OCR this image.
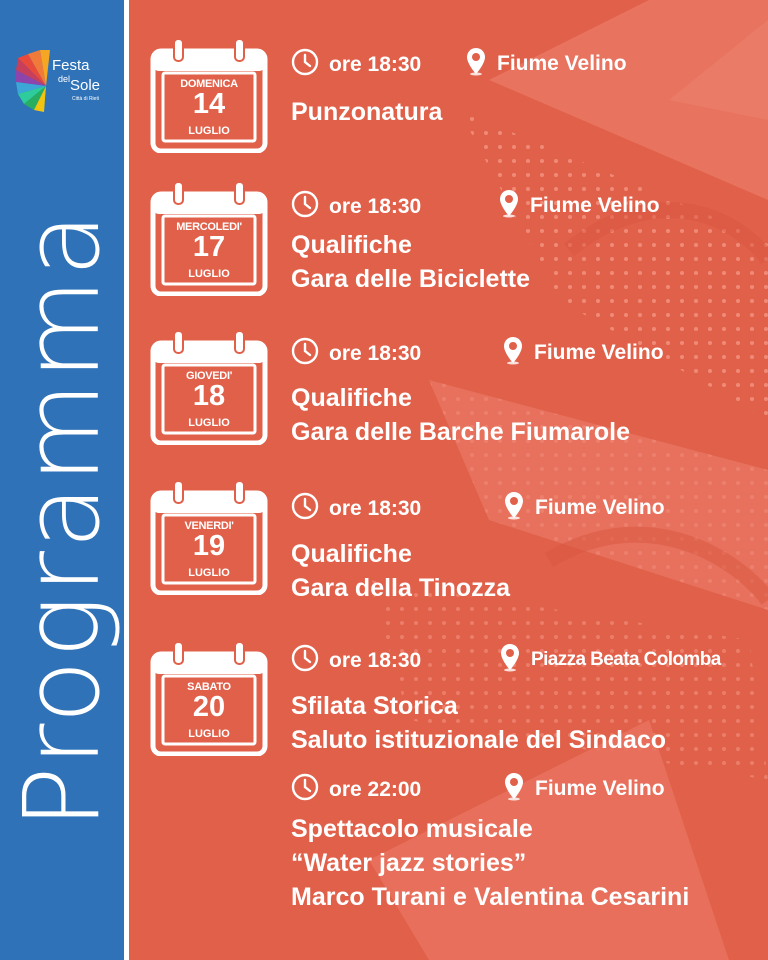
Festa
del Sole
Città di Rieti
Programma
DOMENICA
14
LUGLIO
ore 18:30	Fiume Velino
Punzonatura
MERCOLEDI'
17
LUGLIO
ore 18:30	Fiume Velino
Qualifiche
Gara delle Biciclette
GIOVEDI'
18
LUGLIO
ore 18:30	Fiume Velino
Qualifiche
Gara delle Barche Fiumarole
VENERDI'
19
LUGLIO
ore 18:30	Fiume Velino
Qualifiche
Gara della Tinozza
SABATO
20
LUGLIO
ore 18:30	Piazza Beata Colomba
Sfilata Storica
Saluto istituzionale del Sindaco
ore 22:00	Fiume Velino
Spettacolo musicale
“Water jazz stories”
Marco Turani e Valentina Cesarini
